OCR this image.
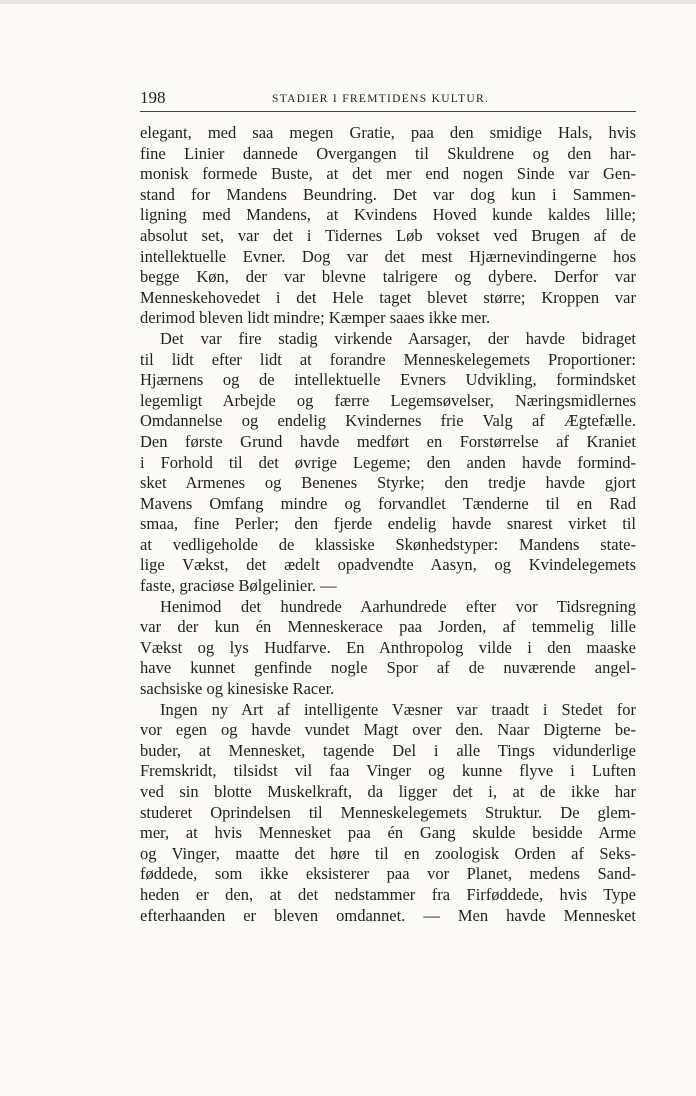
198	STADIER I FREMTIDENS KULTUR.
elegant, med saa megen Gratie, paa den smidige Hals, hvis
fine Linier dannede Overgangen til Skuldrene og den har-
monisk formede Buste, at det mer end nogen Sinde var Gen-
stand for Mandens Beundring. Det var dog kun i Sammen-
ligning med Mandens, at Kvindens Hoved kunde kaldes lille;
absolut set, var det i Tidernes Løb vokset ved Brugen af de
intellektuelle Evner. Dog var det mest Hjærnevindingerne hos
begge Køn, der var blevne talrigere og dybere. Derfor var
Menneskehovedet i det Hele taget blevet større; Kroppen var
derimod bleven lidt mindre; Kæmper saaes ikke mer.
Det var fire stadig virkende Aarsager, der havde bidraget
til lidt efter lidt at forandre Menneskelegemets Proportioner:
Hjærnens og de intellektuelle Evners Udvikling, formindsket
legemligt Arbejde og færre Legemsøvelser, Næringsmidlernes
Omdannelse og endelig Kvindernes frie Valg af Ægtefælle.
Den første Grund havde medført en Forstørrelse af Kraniet
i Forhold til det øvrige Legeme; den anden havde formind-
sket Armenes og Benenes Styrke; den tredje havde gjort
Mavens Omfang mindre og forvandlet Tænderne til en Rad
smaa, fine Perler; den fjerde endelig havde snarest virket til
at vedligeholde de klassiske Skønhedstyper: Mandens state-
lige Vækst, det ædelt opadvendte Aasyn, og Kvindelegemets
faste, graciøse Bølgelinier. —
Henimod det hundrede Aarhundrede efter vor Tidsregning
var der kun én Menneskerace paa Jorden, af temmelig lille
Vækst og lys Hudfarve. En Anthropolog vilde i den maaske
have kunnet genfinde nogle Spor af de nuværende angel-
sachsiske og kinesiske Racer.
Ingen ny Art af intelligente Væsner var traadt i Stedet for
vor egen og havde vundet Magt over den. Naar Digterne be-
buder, at Mennesket, tagende Del i alle Tings vidunderlige
Fremskridt, tilsidst vil faa Vinger og kunne flyve i Luften
ved sin blotte Muskelkraft, da ligger det i, at de ikke har
studeret Oprindelsen til Menneskelegemets Struktur. De glem-
mer, at hvis Mennesket paa én Gang skulde besidde Arme
og Vinger, maatte det høre til en zoologisk Orden af Seks-
føddede, som ikke eksisterer paa vor Planet, medens Sand-
heden er den, at det nedstammer fra Firføddede, hvis Type
efterhaanden er bleven omdannet. — Men havde Mennesket
